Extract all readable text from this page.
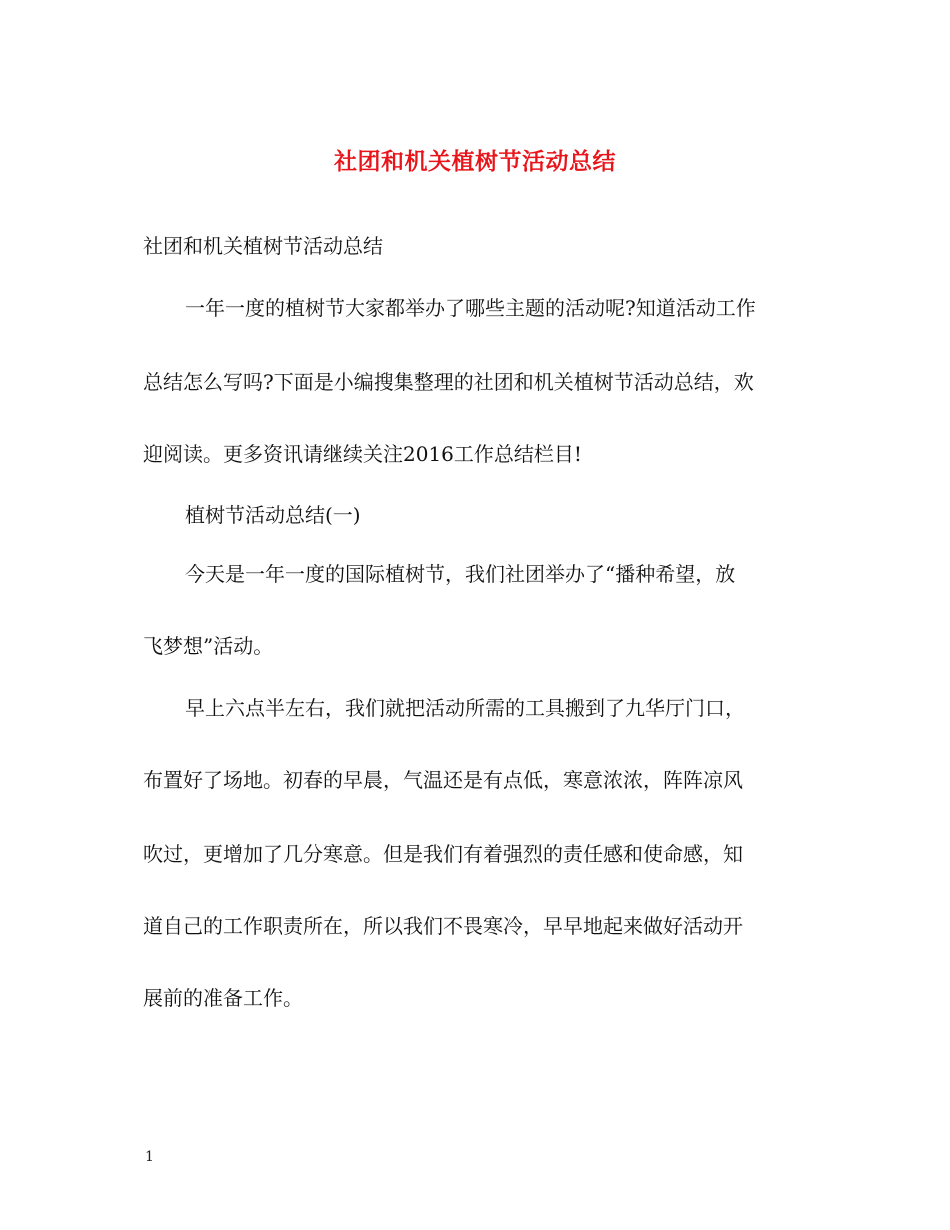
社团和机关植树节活动总结
社团和机关植树节活动总结
一年一度的植树节大家都举办了哪些主题的活动呢?知道活动工作
总结怎么写吗?下面是小编搜集整理的社团和机关植树节活动总结，欢
迎阅读。更多资讯请继续关注2016工作总结栏目!
植树节活动总结(一)
今天是一年一度的国际植树节，我们社团举办了“播种希望，放
飞梦想”活动。
早上六点半左右，我们就把活动所需的工具搬到了九华厅门口，
布置好了场地。初春的早晨，气温还是有点低，寒意浓浓，阵阵凉风
吹过，更增加了几分寒意。但是我们有着强烈的责任感和使命感，知
道自己的工作职责所在，所以我们不畏寒冷，早早地起来做好活动开
展前的准备工作。
1
